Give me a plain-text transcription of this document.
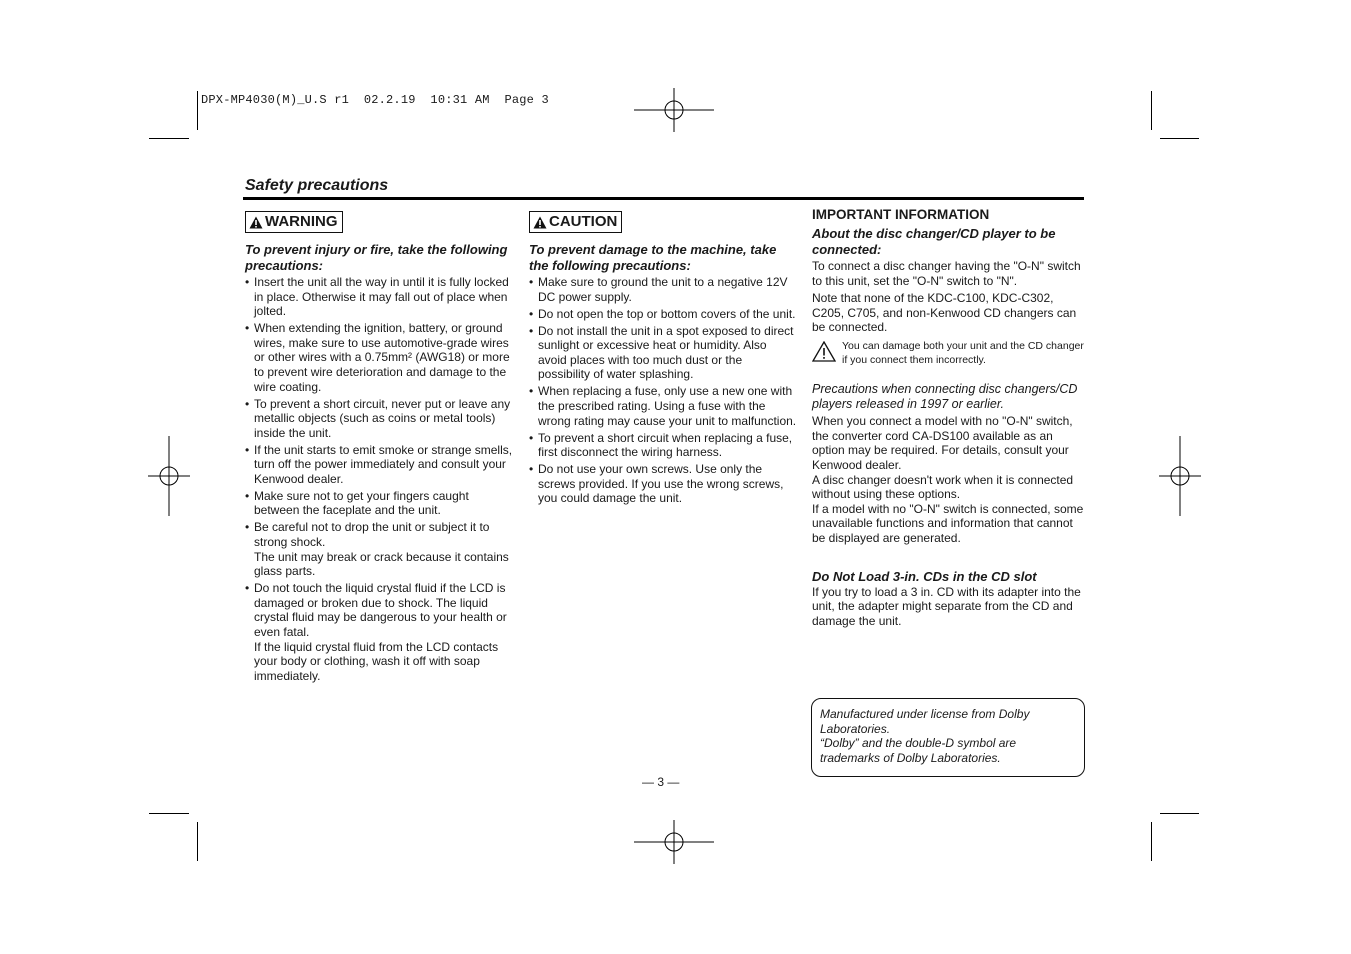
DPX-MP4030(M)_U.S r1  02.2.19  10:31 AM  Page 3
Safety precautions
WARNING
To prevent injury or fire, take the following precautions:
• Insert the unit all the way in until it is fully locked in place. Otherwise it may fall out of place when jolted.
• When extending the ignition, battery, or ground wires, make sure to use automotive-grade wires or other wires with a 0.75mm² (AWG18) or more to prevent wire deterioration and damage to the wire coating.
• To prevent a short circuit, never put or leave any metallic objects (such as coins or metal tools) inside the unit.
• If the unit starts to emit smoke or strange smells, turn off the power immediately and consult your Kenwood dealer.
• Make sure not to get your fingers caught between the faceplate and the unit.
• Be careful not to drop the unit or subject it to strong shock.
The unit may break or crack because it contains glass parts.
• Do not touch the liquid crystal fluid if the LCD is damaged or broken due to shock. The liquid crystal fluid may be dangerous to your health or even fatal.
If the liquid crystal fluid from the LCD contacts your body or clothing, wash it off with soap immediately.
CAUTION
To prevent damage to the machine, take the following precautions:
• Make sure to ground the unit to a negative 12V DC power supply.
• Do not open the top or bottom covers of the unit.
• Do not install the unit in a spot exposed to direct sunlight or excessive heat or humidity. Also avoid places with too much dust or the possibility of water splashing.
• When replacing a fuse, only use a new one with the prescribed rating. Using a fuse with the wrong rating may cause your unit to malfunction.
• To prevent a short circuit when replacing a fuse, first disconnect the wiring harness.
• Do not use your own screws. Use only the screws provided. If you use the wrong screws, you could damage the unit.
IMPORTANT INFORMATION
About the disc changer/CD player to be connected:

To connect a disc changer having the "O-N" switch to this unit, set the "O-N" switch to "N".

Note that none of the KDC-C100, KDC-C302, C205, C705, and non-Kenwood CD changers can be connected.

You can damage both your unit and the CD changer if you connect them incorrectly.
Precautions when connecting disc changers/CD players released in 1997 or earlier.

When you connect a model with no "O-N" switch, the converter cord CA-DS100 available as an option may be required. For details, consult your Kenwood dealer.

A disc changer doesn't work when it is connected without using these options.

If a model with no "O-N" switch is connected, some unavailable functions and information that cannot be displayed are generated.

Do Not Load 3-in. CDs in the CD slot

If you try to load a 3 in. CD with its adapter into the unit, the adapter might separate from the CD and damage the unit.

Manufactured under license from Dolby Laboratories.
“Dolby” and the double-D symbol are trademarks of Dolby Laboratories.
— 3 —
